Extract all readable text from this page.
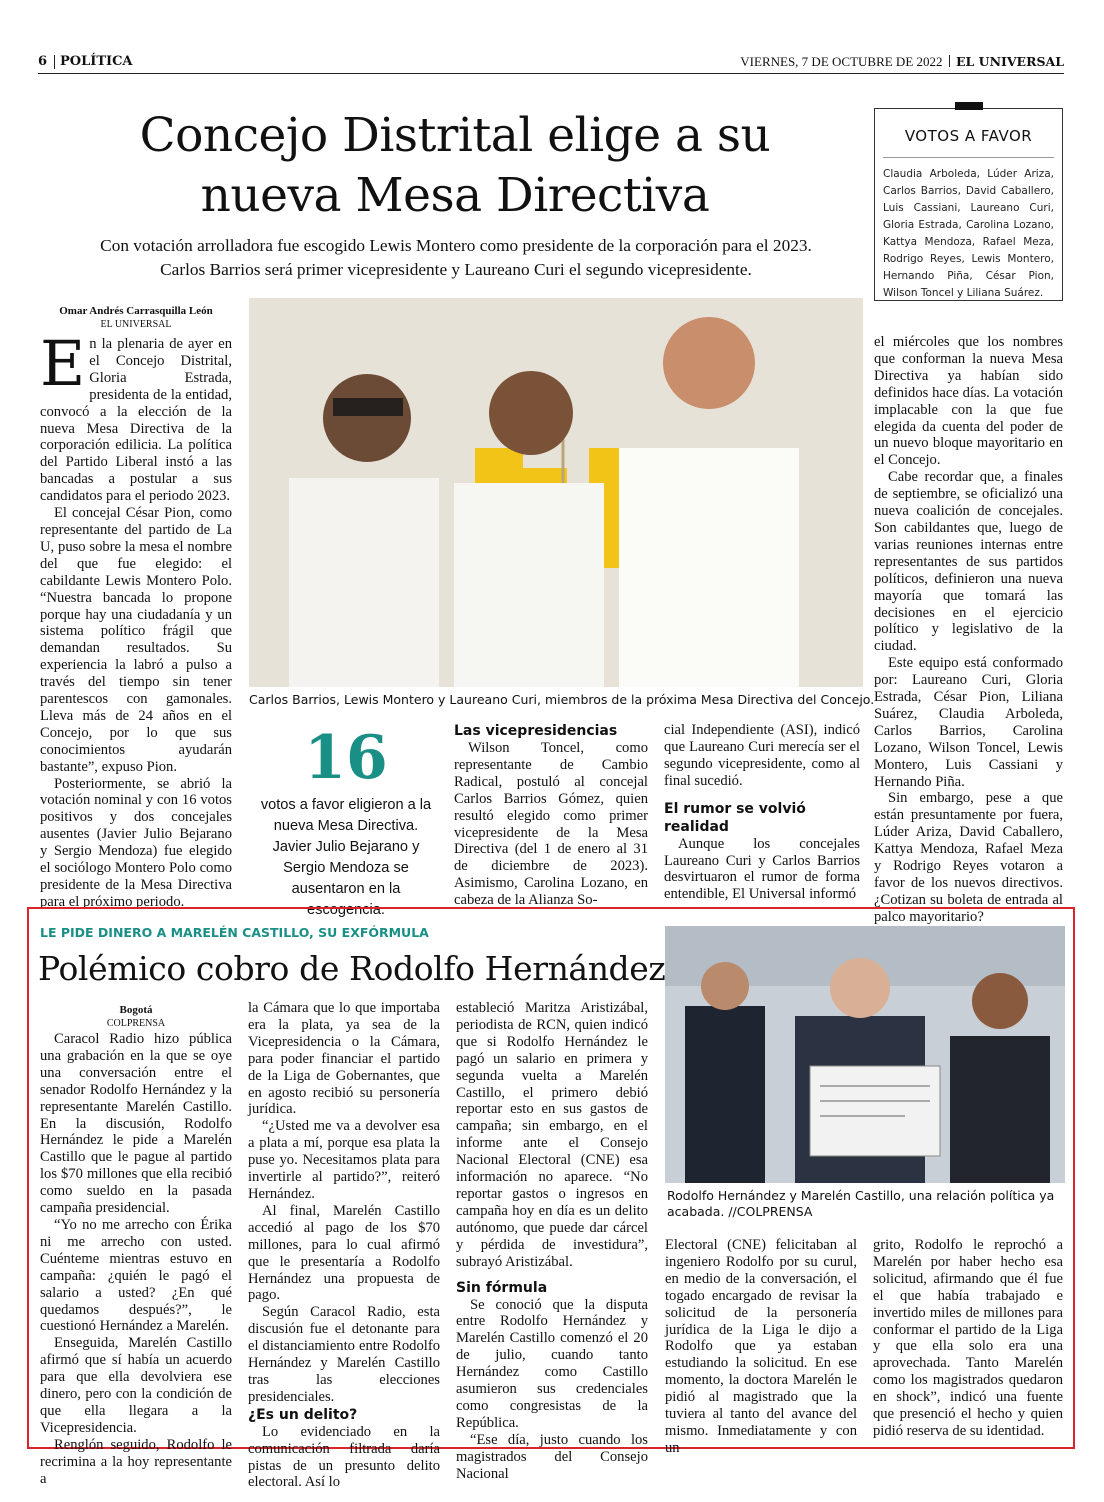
6 POLÍTICA	VIERNES, 7 DE OCTUBRE DE 2022 EL UNIVERSAL
Concejo Distrital elige a su
nueva Mesa Directiva
Con votación arrolladora fue escogido Lewis Montero como presidente de la corporación para el 2023.
Carlos Barrios será primer vicepresidente y Laureano Curi el segundo vicepresidente.
VOTOS A FAVOR
Claudia Arboleda, Lúder Ariza, Carlos Barrios, David Caballero, Luis Cassiani, Laureano Curi, Gloria Estrada, Carolina Lozano, Kattya Mendoza, Rafael Meza, Rodrigo Reyes, Lewis Montero, Hernando Piña, César Pion, Wilson Toncel y Liliana Suárez.
Omar Andrés Carrasquilla León
EL UNIVERSAL
E n la plenaria de ayer en el Concejo Distrital, Gloria Estrada, presidenta de la entidad, convocó a la elección de la nueva Mesa Directiva de la corporación edilicia. La política del Partido Liberal instó a las bancadas a postular a sus candidatos para el periodo 2023.

El concejal César Pion, como representante del partido de La U, puso sobre la mesa el nombre del que fue elegido: el cabildante Lewis Montero Polo. “Nuestra bancada lo propone porque hay una ciudadanía y un sistema político frágil que demandan resultados. Su experiencia la labró a pulso a través del tiempo sin tener parentescos con gamonales. Lleva más de 24 años en el Concejo, por lo que sus conocimientos ayudarán bastante”, expuso Pion.

Posteriormente, se abrió la votación nominal y con 16 votos positivos y dos concejales ausentes (Javier Julio Bejarano y Sergio Mendoza) fue elegido el sociólogo Montero Polo como presidente de la Mesa Directiva para el próximo periodo.

Carlos Barrios, Lewis Montero y Laureano Curi, miembros de la próxima Mesa Directiva del Concejo.
16
votos a favor eligieron a la nueva Mesa Directiva. Javier Julio Bejarano y Sergio Mendoza se ausentaron en la escogencia.
Las vicepresidencias

Wilson Toncel, como representante de Cambio Radical, postuló al concejal Carlos Barrios Gómez, quien resultó elegido como primer vicepresidente de la Mesa Directiva (del 1 de enero al 31 de diciembre de 2023). Asimismo, Carolina Lozano, en cabeza de la Alianza So-

cial Independiente (ASI), indicó que Laureano Curi merecía ser el segundo vicepresidente, como al final sucedió.

El rumor se volvió realidad

Aunque los concejales Laureano Curi y Carlos Barrios desvirtuaron el rumor de forma entendible, El Universal informó

el miércoles que los nombres que conforman la nueva Mesa Directiva ya habían sido definidos hace días. La votación implacable con la que fue elegida da cuenta del poder de un nuevo bloque mayoritario en el Concejo.

Cabe recordar que, a finales de septiembre, se oficializó una nueva coalición de concejales. Son cabildantes que, luego de varias reuniones internas entre representantes de sus partidos políticos, definieron una nueva mayoría que tomará las decisiones en el ejercicio político y legislativo de la ciudad.

Este equipo está conformado por: Laureano Curi, Gloria Estrada, César Pion, Liliana Suárez, Claudia Arboleda, Carlos Barrios, Carolina Lozano, Wilson Toncel, Lewis Montero, Luis Cassiani y Hernando Piña.

Sin embargo, pese a que están presuntamente por fuera, Lúder Ariza, David Caballero, Kattya Mendoza, Rafael Meza y Rodrigo Reyes votaron a favor de los nuevos directivos. ¿Cotizan su boleta de entrada al palco mayoritario?

LE PIDE DINERO A MARELÉN CASTILLO, SU EXFÓRMULA
Polémico cobro de Rodolfo Hernández
Bogotá
COLPRENSA

Caracol Radio hizo pública una grabación en la que se oye una conversación entre el senador Rodolfo Hernández y la representante Marelén Castillo. En la discusión, Rodolfo Hernández le pide a Marelén Castillo que le pague al partido los $70 millones que ella recibió como sueldo en la pasada campaña presidencial.

“Yo no me arrecho con Érika ni me arrecho con usted. Cuénteme mientras estuvo en campaña: ¿quién le pagó el salario a usted? ¿En qué quedamos después?”, le cuestionó Hernández a Marelén.

Enseguida, Marelén Castillo afirmó que sí había un acuerdo para que ella devolviera ese dinero, pero con la condición de que ella llegara a la Vicepresidencia.

Renglón seguido, Rodolfo le recrimina a la hoy representante a

la Cámara que lo que importaba era la plata, ya sea de la Vicepresidencia o la Cámara, para poder financiar el partido de la Liga de Gobernantes, que en agosto recibió su personería jurídica.

“¿Usted me va a devolver esa a plata a mí, porque esa plata la puse yo. Necesitamos plata para invertirle al partido?”, reiteró Hernández.

Al final, Marelén Castillo accedió al pago de los $70 millones, para lo cual afirmó que le presentaría a Rodolfo Hernández una propuesta de pago.

Según Caracol Radio, esta discusión fue el detonante para el distanciamiento entre Rodolfo Hernández y Marelén Castillo tras las elecciones presidenciales.

¿Es un delito?

Lo evidenciado en la comunicación filtrada daría pistas de un presunto delito electoral. Así lo

estableció Maritza Aristizábal, periodista de RCN, quien indicó que si Rodolfo Hernández le pagó un salario en primera y segunda vuelta a Marelén Castillo, el primero debió reportar esto en sus gastos de campaña; sin embargo, en el informe ante el Consejo Nacional Electoral (CNE) esa información no aparece. “No reportar gastos o ingresos en campaña hoy en día es un delito autónomo, que puede dar cárcel y pérdida de investidura”, subrayó Aristizábal.

Sin fórmula

Se conoció que la disputa entre Rodolfo Hernández y Marelén Castillo comenzó el 20 de julio, cuando tanto Hernández como Castillo asumieron sus credenciales como congresistas de la República.

“Ese día, justo cuando los magistrados del Consejo Nacional

Rodolfo Hernández y Marelén Castillo, una relación política ya acabada. //COLPRENSA

Electoral (CNE) felicitaban al ingeniero Rodolfo por su curul, en medio de la conversación, el togado encargado de revisar la solicitud de la personería jurídica de la Liga le dijo a Rodolfo que ya estaban estudiando la solicitud. En ese momento, la doctora Marelén le pidió al magistrado que la tuviera al tanto del avance del mismo. Inmediatamente y con un

grito, Rodolfo le reprochó a Marelén por haber hecho esa solicitud, afirmando que él fue el que había trabajado e invertido miles de millones para conformar el partido de la Liga y que ella solo era una aprovechada. Tanto Marelén como los magistrados quedaron en shock”, indicó una fuente que presenció el hecho y quien pidió reserva de su identidad.
